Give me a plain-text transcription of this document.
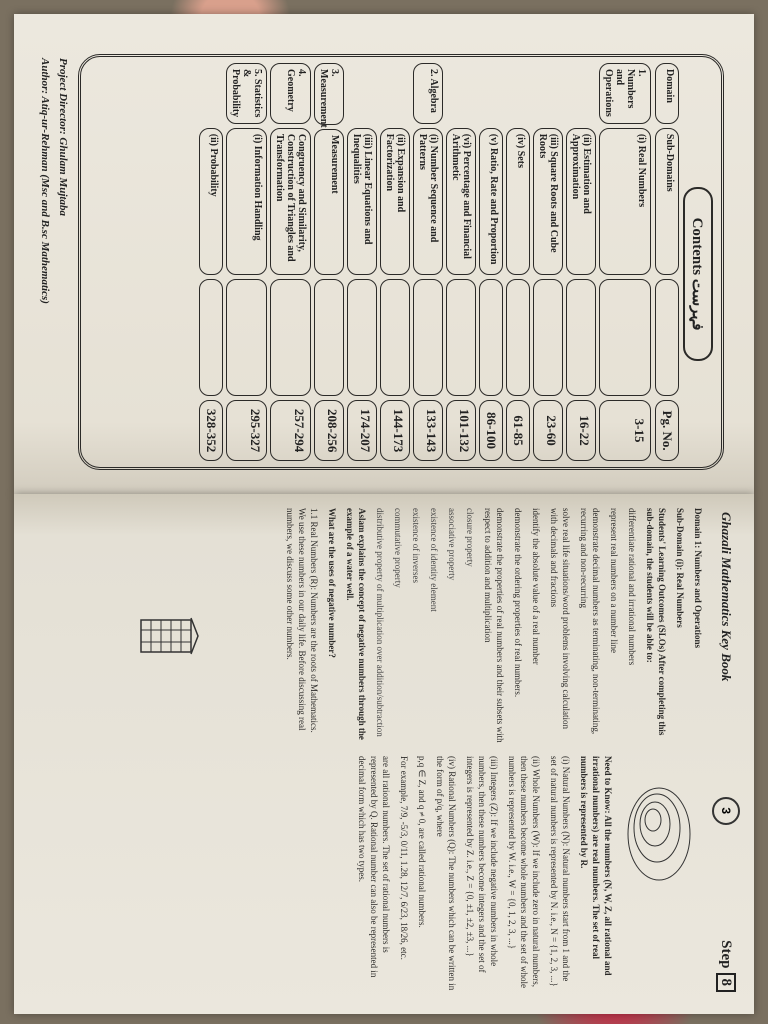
Contents فہرست
Domain
Sub-Domains

Pg. No.
1. Numbers and Operations
(i) Real Numbers

3-15
(ii) Estimation and Approximation

16-22
(iii) Square Roots and Cube Roots

23-60
(iv) Sets

61-85
(v) Ratio, Rate and Proportion

86-100
(vi) Percentage and Financial Arithmetic

101-132
2. Algebra
(i) Number Sequence and Patterns

133-143
(ii) Expansion and Factorization

144-173
(iii) Linear Equations and Inequalities

174-207
3. Measurement
Measurement

208-256
4. Geometry
Congruency and Similarity, Construction of Triangles and Transformation

257-294
5. Statistics & Probability
(i) Information Handling

295-327
(ii) Probability

328-352
Project Director: Ghulam Mujtaba
Author: Atiq-ur-Rehman (Msc and B.sc Mathematics)
Ghazali Mathematics Key Book
3
Step8

Domain 1: Numbers and Operations

Sub-Domain (i): Real Numbers

Students' Learning Outcomes (SLOs) After completing this sub-domain, the students will be able to:

differentiate rational and irrational numbers

represent real numbers on a number line

demonstrate decimal numbers as terminating, non-terminating, recurring and non-recurring

solve real life situations/word problems involving calculation with decimals and fractions

identify the absolute value of a real number

demonstrate the ordering properties of real numbers.

demonstrate the properties of real numbers and their subsets with respect to addition and multiplication

closure property

associative property

existence of identity element

existence of inverses

commutative property

distributive property of multiplication over addition/subtraction

Aslam explains the concept of negative numbers through the example of a water well.

What are the uses of negative number?

1.1 Real Numbers (R): Numbers are the roots of Mathematics. We use these numbers in our daily life. Before discussing real numbers, we discuss some other numbers.

Need to Know: All the numbers (N, W, Z, all rational and irrational numbers) are real numbers. The set of real numbers is represented by R.

(i) Natural Numbers (N): Natural numbers start from 1 and the set of natural numbers is represented by N. i.e., N = {1, 2, 3, ...}

(ii) Whole Numbers (W): If we include zero in natural numbers, then these numbers become whole numbers and the set of whole numbers is represented by W. i.e., W = {0, 1, 2, 3, ...}

(iii) Integers (Z): If we include negative numbers in whole numbers, then these numbers become integers and the set of integers is represented by Z. i.e., Z = {0, ±1, ±2, ±3, ...}

(iv) Rational Numbers (Q): The numbers which can be written in the form of p/q, where

p,q ∈ Z, and q ≠ 0, are called rational numbers.

For example, 7/9, -5/3, 0/11, 1.28, 12/7, 6/23, 18/26, etc.

are all rational numbers. The set of rational numbers is represented by Q. Rational number can also be represented in decimal form which has two types.
